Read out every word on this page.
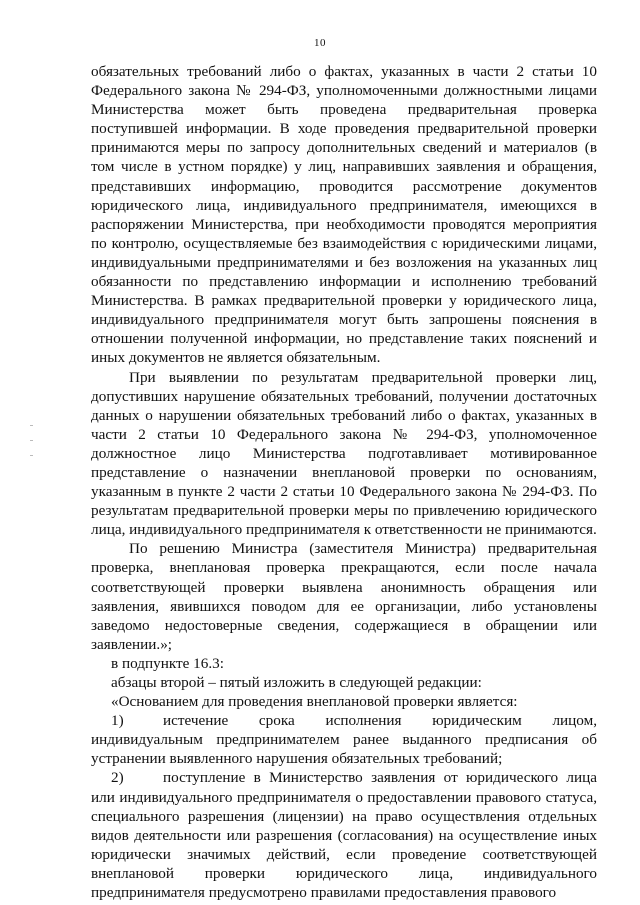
10

обязательных требований либо о фактах, указанных в части 2 статьи 10 Федерального закона № 294-ФЗ, уполномоченными должностными лицами Министерства может быть проведена предварительная проверка поступившей информации. В ходе проведения предварительной проверки принимаются меры по запросу дополнительных сведений и материалов (в том числе в устном порядке) у лиц, направивших заявления и обращения, представивших информацию, проводится рассмотрение документов юридического лица, индивидуального предпринимателя, имеющихся в распоряжении Министерства, при необходимости проводятся мероприятия по контролю, осуществляемые без взаимодействия с юридическими лицами, индивидуальными предпринимателями и без возложения на указанных лиц обязанности по представлению информации и исполнению требований Министерства. В рамках предварительной проверки у юридического лица, индивидуального предпринимателя могут быть запрошены пояснения в отношении полученной информации, но представление таких пояснений и иных документов не является обязательным.

При выявлении по результатам предварительной проверки лиц, допустивших нарушение обязательных требований, получении достаточных данных о нарушении обязательных требований либо о фактах, указанных в части 2 статьи 10 Федерального закона № 294-ФЗ, уполномоченное должностное лицо Министерства подготавливает мотивированное представление о назначении внеплановой проверки по основаниям, указанным в пункте 2 части 2 статьи 10 Федерального закона № 294-ФЗ. По результатам предварительной проверки меры по привлечению юридического лица, индивидуального предпринимателя к ответственности не принимаются.

По решению Министра (заместителя Министра) предварительная проверка, внеплановая проверка прекращаются, если после начала соответствующей проверки выявлена анонимность обращения или заявления, явившихся поводом для ее организации, либо установлены заведомо недостоверные сведения, содержащиеся в обращении или заявлении.»;

в подпункте 16.3:

абзацы второй – пятый изложить в следующей редакции:

«Основанием для проведения внеплановой проверки является:

1)	истечение срока исполнения юридическим лицом, индивидуальным предпринимателем ранее выданного предписания об устранении выявленного нарушения обязательных требований;

2)	поступление в Министерство заявления от юридического лица или индивидуального предпринимателя о предоставлении правового статуса, специального разрешения (лицензии) на право осуществления отдельных видов деятельности или разрешения (согласования) на осуществление иных юридически значимых действий, если проведение соответствующей внеплановой проверки юридического лица, индивидуального предпринимателя предусмотрено правилами предоставления правового
